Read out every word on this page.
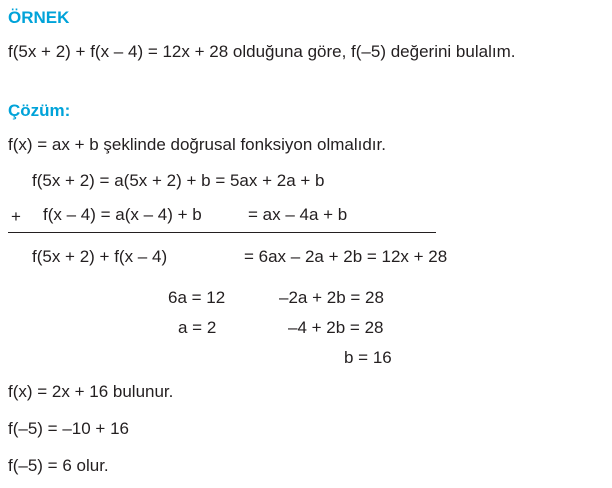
ÖRNEK
f(5x + 2) + f(x – 4) = 12x + 28 olduğuna göre, f(–5) değerini bulalım.
Çözüm:
f(x) = ax + b şeklinde doğrusal fonksiyon olmalıdır.
f(5x + 2) = a(5x + 2) + b = 5ax + 2a + b
+ f(x – 4) = a(x – 4) + b	= ax – 4a + b
f(5x + 2) + f(x – 4)	= 6ax – 2a + 2b = 12x + 28
6a = 12
a = 2
–2a + 2b = 28
–4 + 2b = 28
b = 16
f(x) = 2x + 16 bulunur.
f(–5) = –10 + 16
f(–5) = 6 olur.
